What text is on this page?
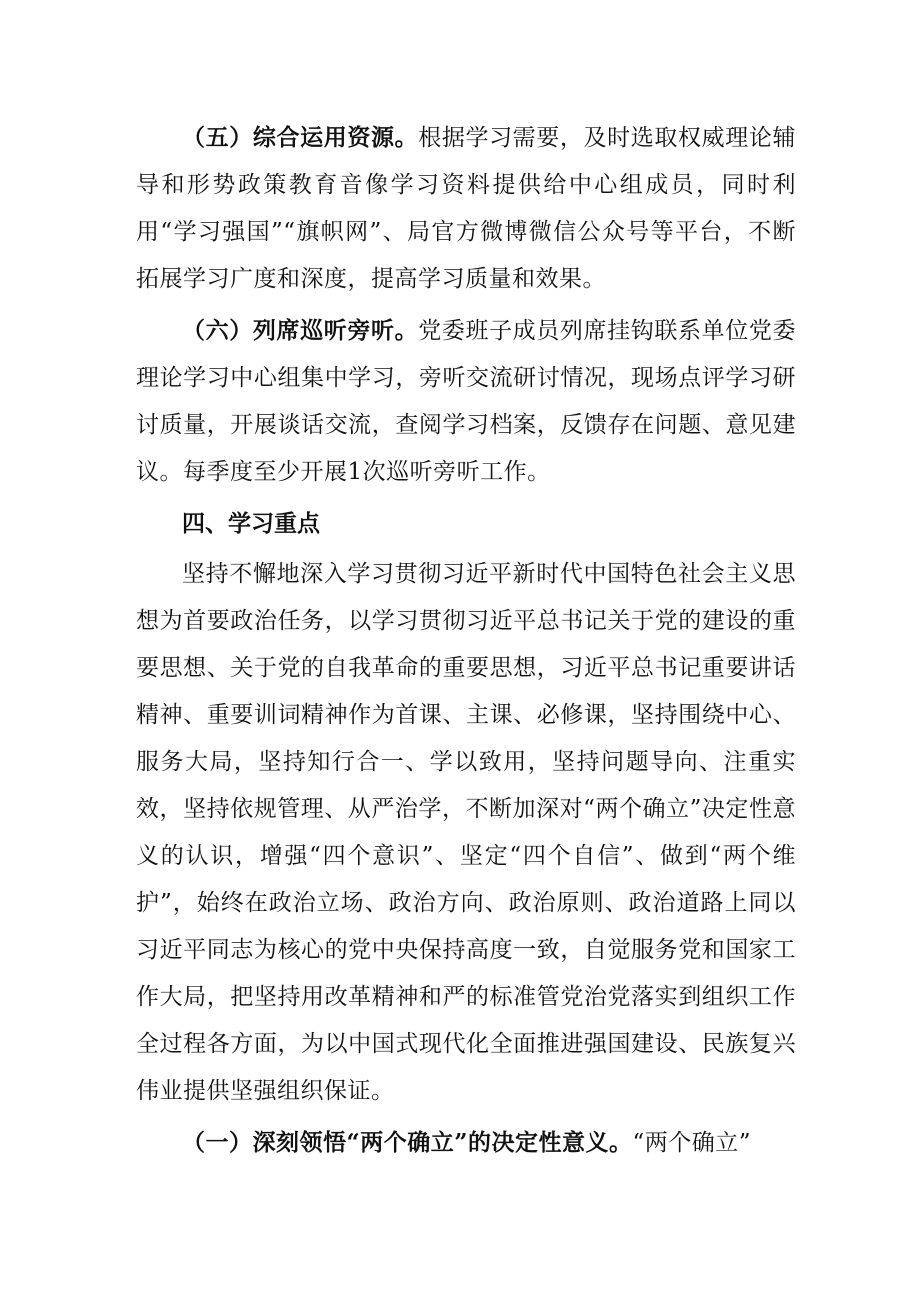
（五）综合运用资源。根据学习需要，及时选取权威理论辅导和形势政策教育音像学习资料提供给中心组成员，同时利用“学习强国”“旗帜网”、局官方微博微信公众号等平台，不断拓展学习广度和深度，提高学习质量和效果。

（六）列席巡听旁听。党委班子成员列席挂钩联系单位党委理论学习中心组集中学习，旁听交流研讨情况，现场点评学习研讨质量，开展谈话交流，查阅学习档案，反馈存在问题、意见建议。每季度至少开展1次巡听旁听工作。

四、学习重点

坚持不懈地深入学习贯彻习近平新时代中国特色社会主义思想为首要政治任务，以学习贯彻习近平总书记关于党的建设的重要思想、关于党的自我革命的重要思想，习近平总书记重要讲话精神、重要训词精神作为首课、主课、必修课，坚持围绕中心、服务大局，坚持知行合一、学以致用，坚持问题导向、注重实效，坚持依规管理、从严治学，不断加深对“两个确立”决定性意义的认识，增强“四个意识”、坚定“四个自信”、做到“两个维护”，始终在政治立场、政治方向、政治原则、政治道路上同以习近平同志为核心的党中央保持高度一致，自觉服务党和国家工作大局，把坚持用改革精神和严的标准管党治党落实到组织工作全过程各方面，为以中国式现代化全面推进强国建设、民族复兴伟业提供坚强组织保证。

（一）深刻领悟“两个确立”的决定性意义。“两个确立”
